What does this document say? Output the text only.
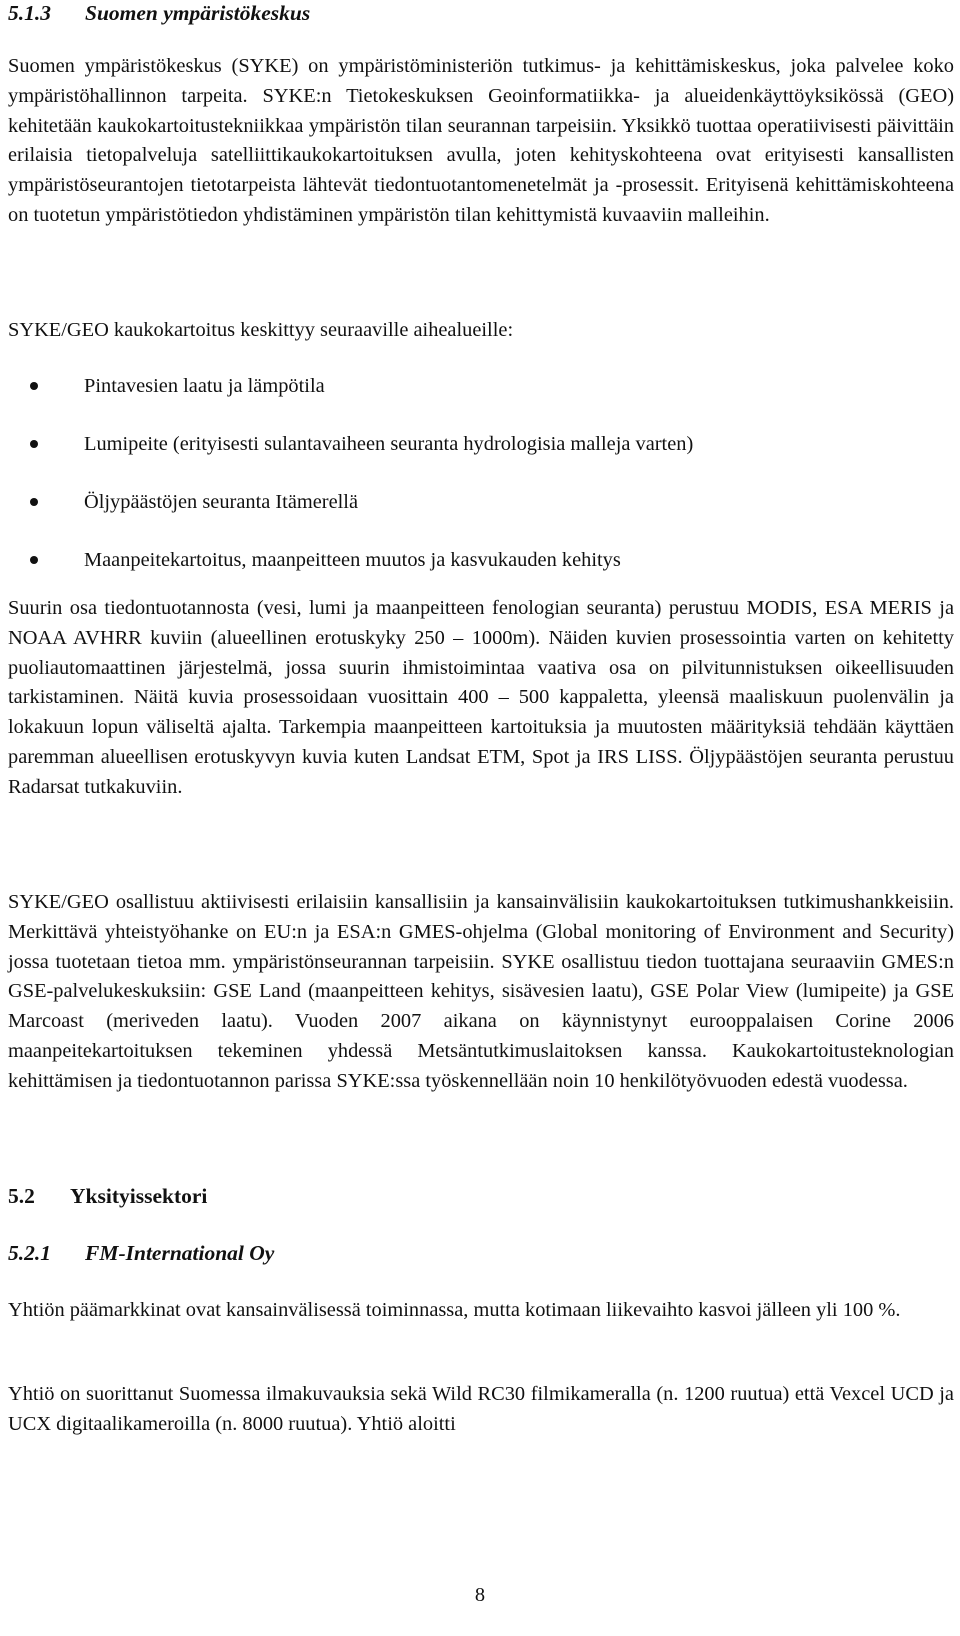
5.1.3 Suomen ympäristökeskus

Suomen ympäristökeskus (SYKE) on ympäristöministeriön tutkimus- ja kehittämiskeskus, joka palvelee koko ympäristöhallinnon tarpeita. SYKE:n Tietokeskuksen Geoinformatiikka- ja alueidenkäyttöyksikössä (GEO) kehitetään kaukokartoitustekniikkaa ympäristön tilan seurannan tarpeisiin. Yksikkö tuottaa operatiivisesti päivittäin erilaisia tietopalveluja satelliittikaukokartoituksen avulla, joten kehityskohteena ovat erityisesti kansallisten ympäristöseurantojen tietotarpeista lähtevät tiedontuotantomenetelmät ja -prosessit. Erityisenä kehittämiskohteena on tuotetun ympäristötiedon yhdistäminen ympäristön tilan kehittymistä kuvaaviin malleihin.

SYKE/GEO kaukokartoitus keskittyy seuraaville aihealueille:

Pintavesien laatu ja lämpötila
Lumipeite (erityisesti sulantavaiheen seuranta hydrologisia malleja varten)
Öljypäästöjen seuranta Itämerellä
Maanpeitekartoitus, maanpeitteen muutos ja kasvukauden kehitys

Suurin osa tiedontuotannosta (vesi, lumi ja maanpeitteen fenologian seuranta) perustuu MODIS, ESA MERIS ja NOAA AVHRR kuviin (alueellinen erotuskyky 250 – 1000m). Näiden kuvien prosessointia varten on kehitetty puoliautomaattinen järjestelmä, jossa suurin ihmistoimintaa vaativa osa on pilvitunnistuksen oikeellisuuden tarkistaminen. Näitä kuvia prosessoidaan vuosittain 400 – 500 kappaletta, yleensä maaliskuun puolenvälin ja lokakuun lopun väliseltä ajalta. Tarkempia maanpeitteen kartoituksia ja muutosten määrityksiä tehdään käyttäen paremman alueellisen erotuskyvyn kuvia kuten Landsat ETM, Spot ja IRS LISS. Öljypäästöjen seuranta perustuu Radarsat tutkakuviin.

SYKE/GEO osallistuu aktiivisesti erilaisiin kansallisiin ja kansainvälisiin kaukokartoituksen tutkimushankkeisiin. Merkittävä yhteistyöhanke on EU:n ja ESA:n GMES-ohjelma (Global monitoring of Environment and Security) jossa tuotetaan tietoa mm. ympäristönseurannan tarpeisiin. SYKE osallistuu tiedon tuottajana seuraaviin GMES:n GSE-palvelukeskuksiin: GSE Land (maanpeitteen kehitys, sisävesien laatu), GSE Polar View (lumipeite) ja GSE Marcoast (meriveden laatu). Vuoden 2007 aikana on käynnistynyt eurooppalaisen Corine 2006 maanpeitekartoituksen tekeminen yhdessä Metsäntutkimuslaitoksen kanssa. Kaukokartoitusteknologian kehittämisen ja tiedontuotannon parissa SYKE:ssa työskennellään noin 10 henkilötyövuoden edestä vuodessa.

5.2 Yksityissektori
5.2.1 FM-International Oy

Yhtiön päämarkkinat ovat kansainvälisessä toiminnassa, mutta kotimaan liikevaihto kasvoi jälleen yli 100 %.

Yhtiö on suorittanut Suomessa ilmakuvauksia sekä Wild RC30 filmikameralla (n. 1200 ruutua) että Vexcel UCD ja UCX digitaalikameroilla (n. 8000 ruutua). Yhtiö aloitti

8
